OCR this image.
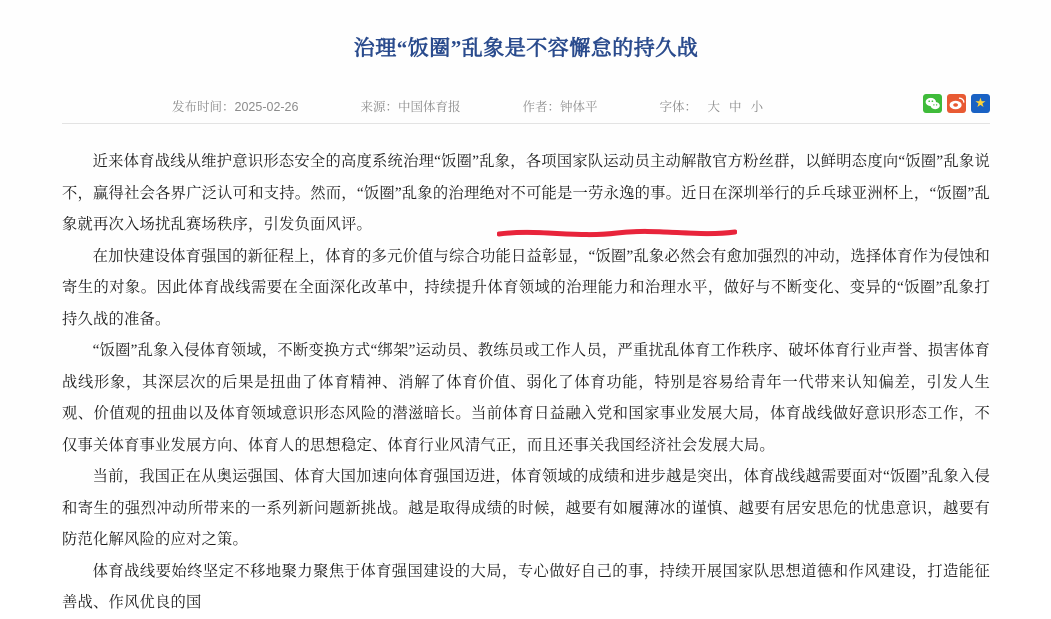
治理“饭圈”乱象是不容懈怠的持久战
发布时间：2025-02-26	来源：中国体育报	作者：钟体平	字体： 大 中 小	★

近来体育战线从维护意识形态安全的高度系统治理“饭圈”乱象，各项国家队运动员主动解散官方粉丝群，以鲜明态度向“饭圈”乱象说不，赢得社会各界广泛认可和支持。然而，“饭圈”乱象的治理绝对不可能是一劳永逸的事。近日在深圳举行的乒乓球亚洲杯上，“饭圈”乱象就再次入场扰乱赛场秩序，引发负面风评。

在加快建设体育强国的新征程上，体育的多元价值与综合功能日益彰显，“饭圈”乱象必然会有愈加强烈的冲动，选择体育作为侵蚀和寄生的对象。因此体育战线需要在全面深化改革中，持续提升体育领域的治理能力和治理水平，做好与不断变化、变异的“饭圈”乱象打持久战的准备。

“饭圈”乱象入侵体育领域，不断变换方式“绑架”运动员、教练员或工作人员，严重扰乱体育工作秩序、破坏体育行业声誉、损害体育战线形象，其深层次的后果是扭曲了体育精神、消解了体育价值、弱化了体育功能，特别是容易给青年一代带来认知偏差，引发人生观、价值观的扭曲以及体育领域意识形态风险的潜滋暗长。当前体育日益融入党和国家事业发展大局，体育战线做好意识形态工作，不仅事关体育事业发展方向、体育人的思想稳定、体育行业风清气正，而且还事关我国经济社会发展大局。

当前，我国正在从奥运强国、体育大国加速向体育强国迈进，体育领域的成绩和进步越是突出，体育战线越需要面对“饭圈”乱象入侵和寄生的强烈冲动所带来的一系列新问题新挑战。越是取得成绩的时候，越要有如履薄冰的谨慎、越要有居安思危的忧患意识，越要有防范化解风险的应对之策。

体育战线要始终坚定不移地聚力聚焦于体育强国建设的大局，专心做好自己的事，持续开展国家队思想道德和作风建设，打造能征善战、作风优良的国
